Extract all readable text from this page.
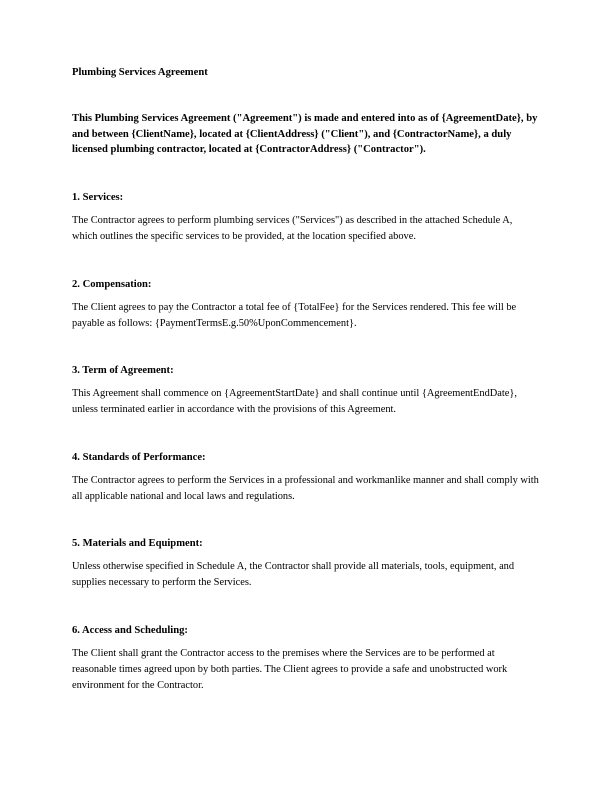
Plumbing Services Agreement
This Plumbing Services Agreement ("Agreement") is made and entered into as of {AgreementDate}, by and between {ClientName}, located at {ClientAddress} ("Client"), and {ContractorName}, a duly licensed plumbing contractor, located at {ContractorAddress} ("Contractor").
1. Services:

The Contractor agrees to perform plumbing services ("Services") as described in the attached Schedule A, which outlines the specific services to be provided, at the location specified above.

2. Compensation:

The Client agrees to pay the Contractor a total fee of {TotalFee} for the Services rendered. This fee will be payable as follows: {PaymentTermsE.g.50%UponCommencement}.

3. Term of Agreement:

This Agreement shall commence on {AgreementStartDate} and shall continue until {AgreementEndDate}, unless terminated earlier in accordance with the provisions of this Agreement.

4. Standards of Performance:

The Contractor agrees to perform the Services in a professional and workmanlike manner and shall comply with all applicable national and local laws and regulations.

5. Materials and Equipment:

Unless otherwise specified in Schedule A, the Contractor shall provide all materials, tools, equipment, and supplies necessary to perform the Services.

6. Access and Scheduling:

The Client shall grant the Contractor access to the premises where the Services are to be performed at reasonable times agreed upon by both parties. The Client agrees to provide a safe and unobstructed work environment for the Contractor.
